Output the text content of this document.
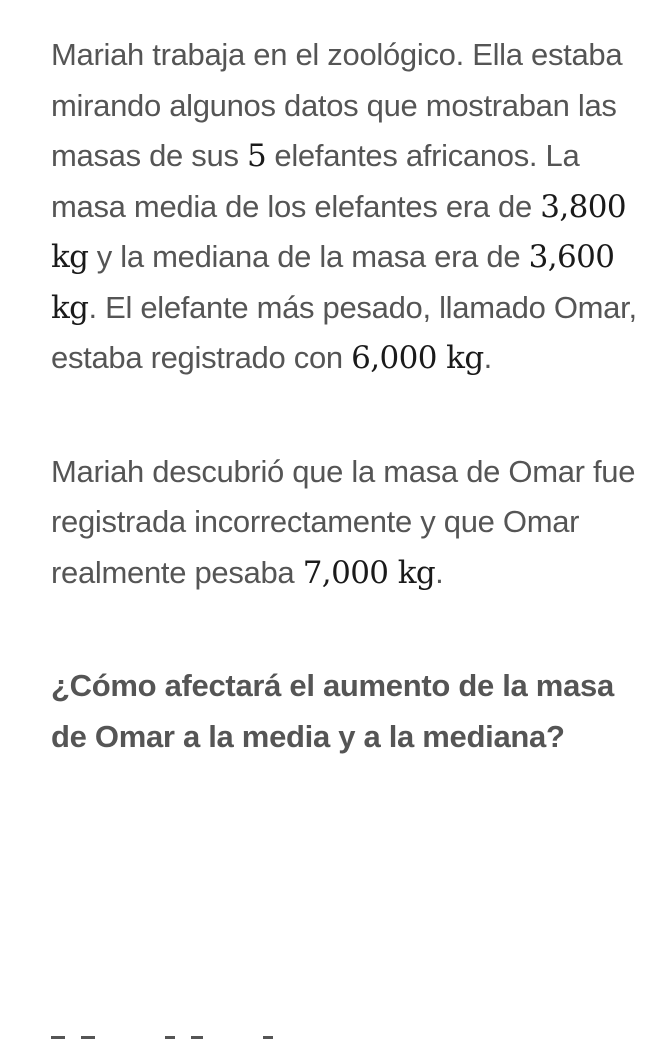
Mariah trabaja en el zoológico. Ella estaba mirando algunos datos que mostraban las masas de sus 5 elefantes africanos. La masa media de los elefantes era de 3,800 kg y la mediana de la masa era de 3,600 kg. El elefante más pesado, llamado Omar, estaba registrado con 6,000 kg.

Mariah descubrió que la masa de Omar fue registrada incorrectamente y que Omar realmente pesaba 7,000 kg.

¿Cómo afectará el aumento de la masa de Omar a la media y a la mediana?
